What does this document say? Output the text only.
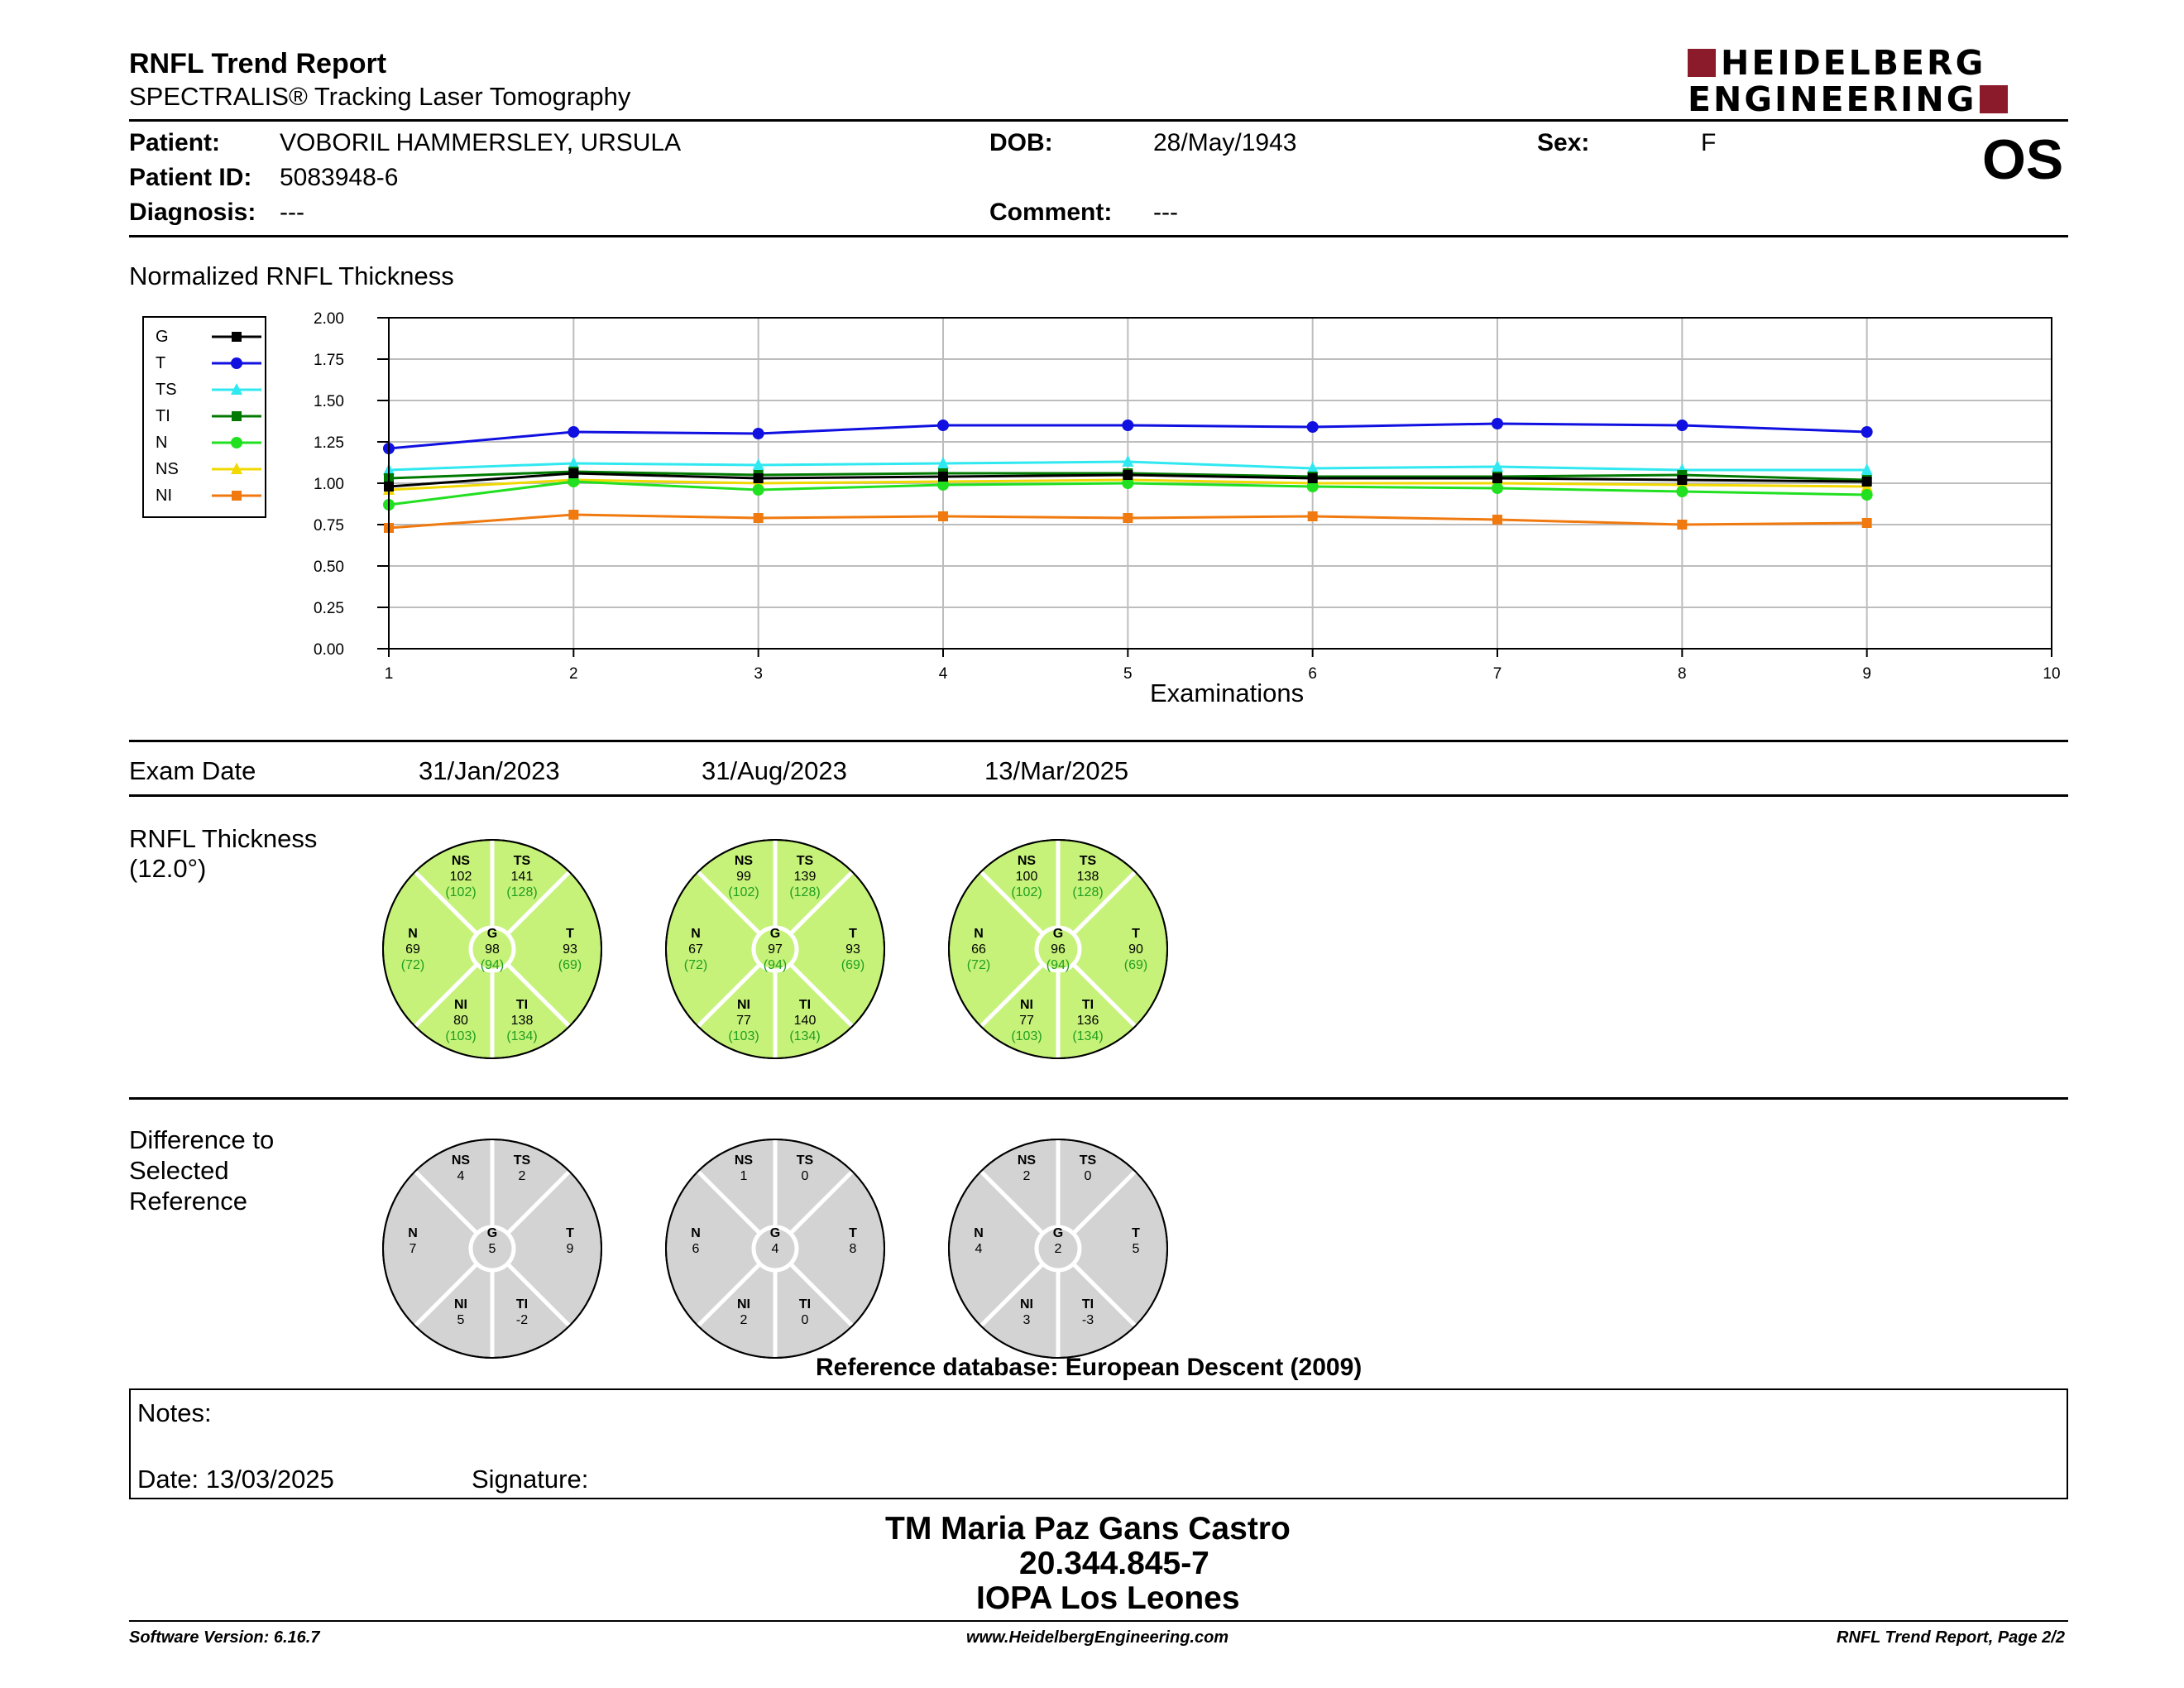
RNFL Trend Report
SPECTRALIS® Tracking Laser Tomography
HEIDELBERG
ENGINEERING
Patient: VOBORIL HAMMERSLEY, URSULA	DOB:	28/May/1943	Sex:	F	OS
Patient ID: 5083948-6
Diagnosis: ---	Comment: ---
Normalized RNFL Thickness
G
T
TS
TI
N
NS
NI
0.00
0.25
0.50
0.75
1.00
1.25
1.50
1.75
2.00
1	2	3	4	5	6	7	8	9	10
Examinations
Exam Date	31/Jan/2023	31/Aug/2023	13/Mar/2025
RNFL Thickness
(12.0°)	NS
102
(102)
TS
141
(128)
N
69
(72)
G
98
(94)
T
93
(69)
NI
80
(103)
TI
138
(134)
NS
99
(102)
TS
139
(128)
N
67
(72)
G
97
(94)
T
93
(69)
NI
77
(103)
TI
140
(134)
NS
100
(102)
TS
138
(128)
N
66
(72)
G
96
(94)
T
90
(69)
NI
77
(103)
TI
136
(134)
Difference to
Selected
Reference
NS
4
TS
2
N
7
G
5
T
9
NI
5
TI
-2
NS
1
TS
0
N
6
G
4
T
8
NI
2
TI
0
NS
2
TS
0
N
4
G
2
T
5
NI
3
TI
-3
Reference database: European Descent (2009)
Notes:
Date: 13/03/2025	Signature:
TM Maria Paz Gans Castro
20.344.845-7
IOPA Los Leones
Software Version: 6.16.7	www.HeidelbergEngineering.com	RNFL Trend Report, Page 2/2
